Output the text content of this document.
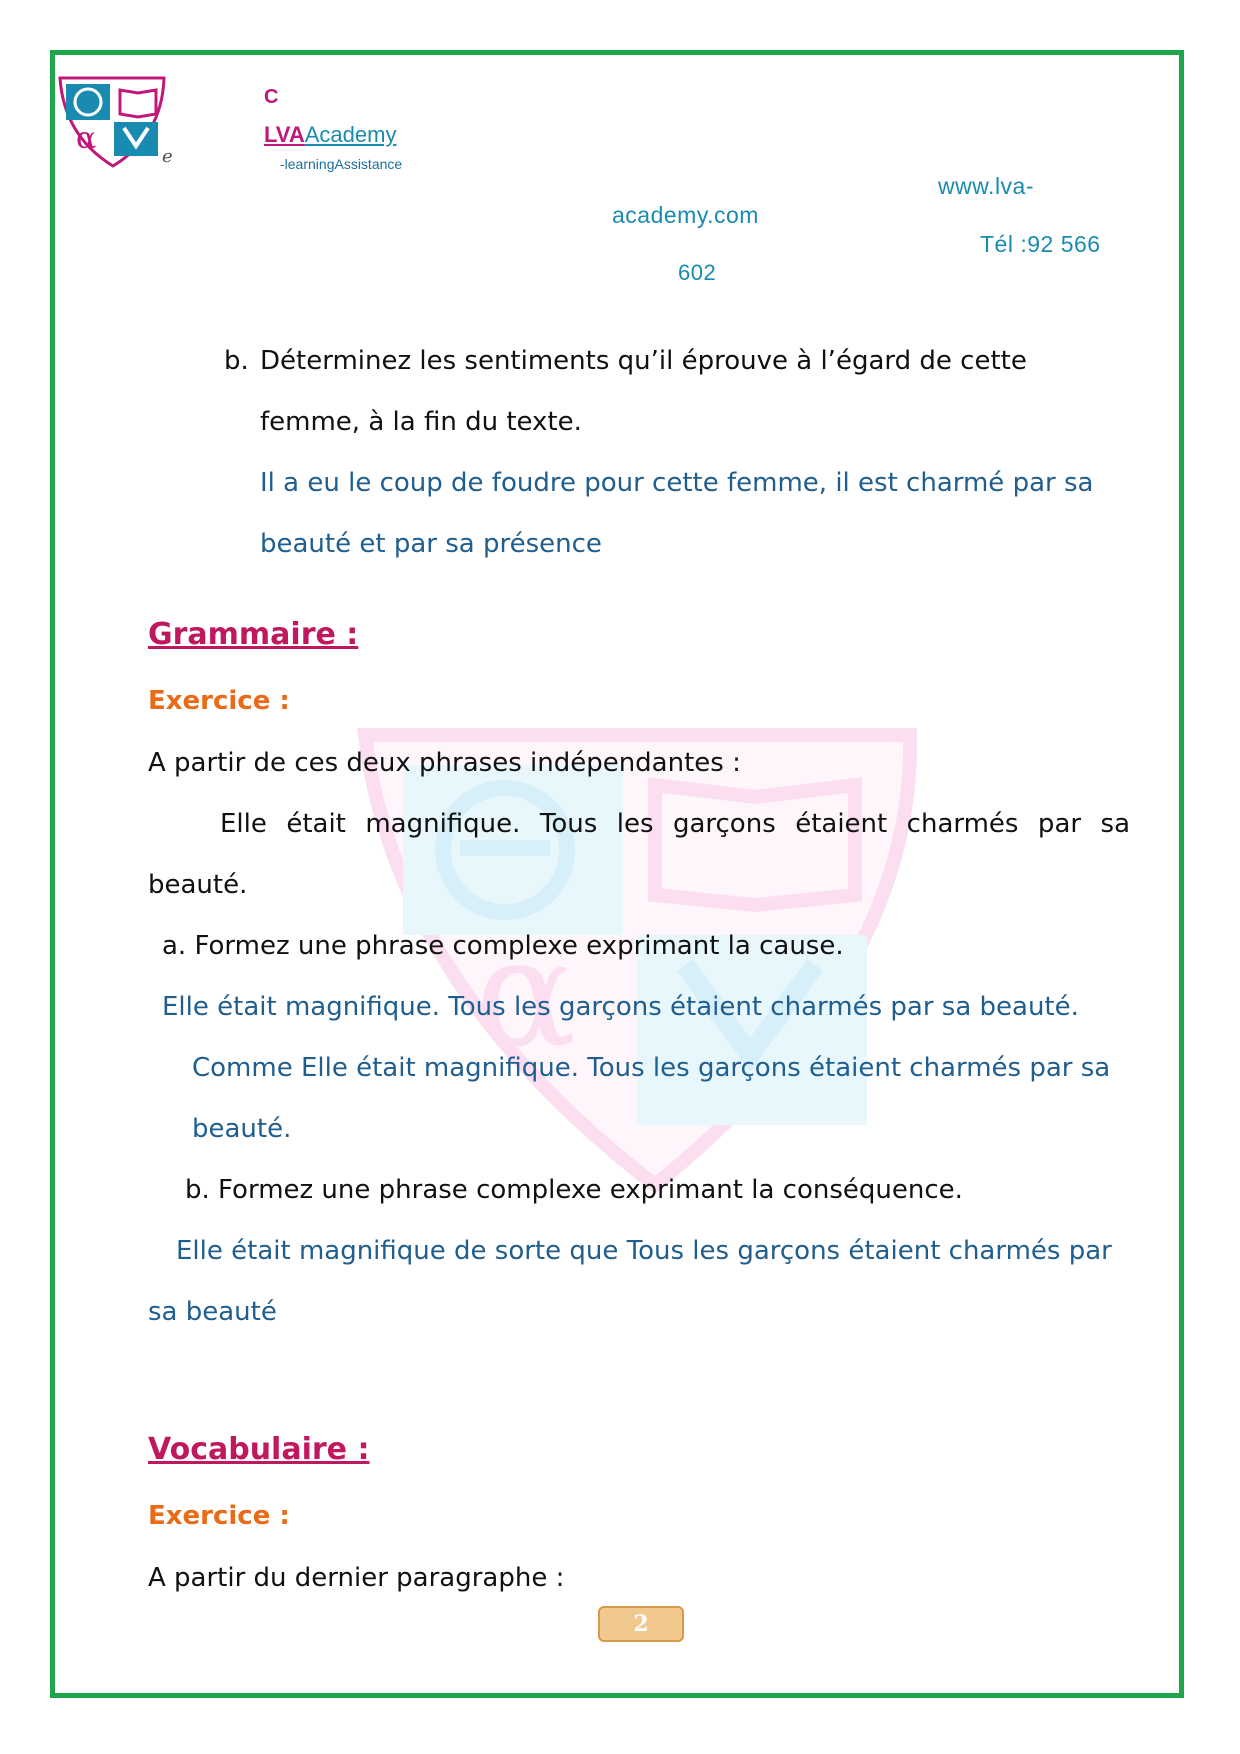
α
α
e
C
LVAAcademy
-learningAssistance
www.lva-
academy.com
Tél :92 566
602
b. Déterminez les sentiments qu’il éprouve à l’égard de cette
femme, à la fin du texte.
Il a eu le coup de foudre pour cette femme, il est charmé par sa
beauté et par sa présence
Grammaire :
Exercice :
A partir de ces deux phrases indépendantes :
Elle était magnifique. Tous les garçons étaient charmés par sa
beauté.
a. Formez une phrase complexe exprimant la cause.
Elle était magnifique. Tous les garçons étaient charmés par sa beauté.
Comme Elle était magnifique. Tous les garçons étaient charmés par sa
beauté.
b. Formez une phrase complexe exprimant la conséquence.
Elle était magnifique de sorte que Tous les garçons étaient charmés par
sa beauté
Vocabulaire :
Exercice :
A partir du dernier paragraphe :
2
